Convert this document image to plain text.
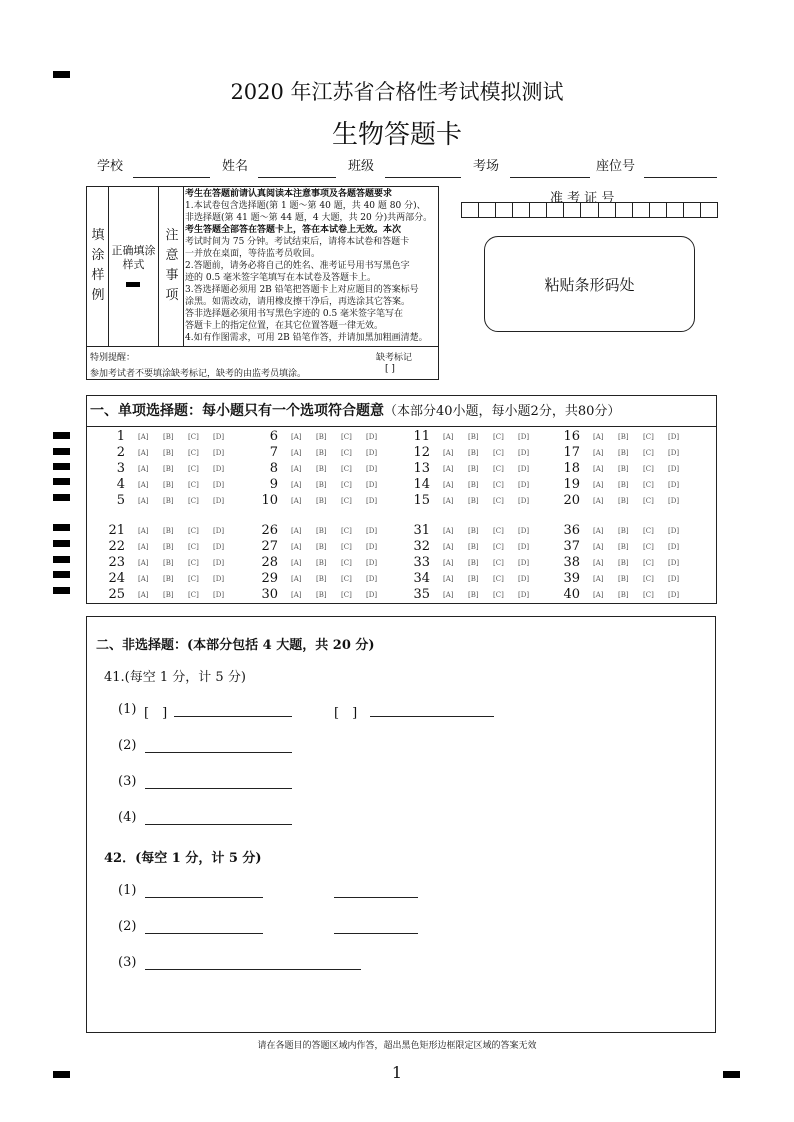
2020 年江苏省合格性考试模拟测试
生物答题卡
学校	姓名	班级	考场	座位号
填
涂
样
例
正确填涂样式
注
意
事
项
考生在答题前请认真阅读本注意事项及各题答题要求
1.本试卷包含选择题(第 1 题～第 40 题，共 40 题 80 分)、
非选择题(第 41 题～第 44 题，4 大题，共 20 分)共两部分。
考生答题全部答在答题卡上，答在本试卷上无效。本次
考试时间为 75 分钟。考试结束后，请将本试卷和答题卡
一并放在桌面，等待监考员收回。
2.答题前，请务必将自己的姓名、准考证号用书写黑色字
迹的 0.5 毫米签字笔填写在本试卷及答题卡上。
3.答选择题必须用 2B 铅笔把答题卡上对应题目的答案标号
涂黑。如需改动，请用橡皮擦干净后，再选涂其它答案。
答非选择题必须用书写黑色字迹的 0.5 毫米签字笔写在
答题卡上的指定位置，在其它位置答题一律无效。
4.如有作图需求，可用 2B 铅笔作答，并请加黑加粗画清楚。
特别提醒：
参加考试者不要填涂缺考标记，缺考的由监考员填涂。
缺考标记
[ ]
准 考 证 号
粘贴条形码处
一、单项选择题：每小题只有一个选项符合题意（本部分40小题，每小题2分，共80分）
1 [A] [B] [C] [D]	6 [A] [B] [C] [D]	11 [A] [B] [C] [D]	16 [A] [B] [C] [D]
2 [A] [B] [C] [D]	7 [A] [B] [C] [D]	12 [A] [B] [C] [D]	17 [A] [B] [C] [D]
3 [A] [B] [C] [D]	8 [A] [B] [C] [D]	13 [A] [B] [C] [D]	18 [A] [B] [C] [D]
4 [A] [B] [C] [D]	9 [A] [B] [C] [D]	14 [A] [B] [C] [D]	19 [A] [B] [C] [D]
5 [A] [B] [C] [D]	10 [A] [B] [C] [D]	15 [A] [B] [C] [D]	20 [A] [B] [C] [D]
21 [A] [B] [C] [D]	26 [A] [B] [C] [D]	31 [A] [B] [C] [D]	36 [A] [B] [C] [D]
22 [A] [B] [C] [D]	27 [A] [B] [C] [D]	32 [A] [B] [C] [D]	37 [A] [B] [C] [D]
23 [A] [B] [C] [D]	28 [A] [B] [C] [D]	33 [A] [B] [C] [D]	38 [A] [B] [C] [D]
24 [A] [B] [C] [D]	29 [A] [B] [C] [D]	34 [A] [B] [C] [D]	39 [A] [B] [C] [D]
25 [A] [B] [C] [D]	30 [A] [B] [C] [D]	35 [A] [B] [C] [D]	40 [A] [B] [C] [D]
二、非选择题：(本部分包括 4 大题，共 20 分)
41.(每空 1 分，计 5 分)
(1) [　]	[　]
(2)
(3)
(4)
42．(每空 1 分，计 5 分)
(1)
(2)
(3)
请在各题目的答题区域内作答，超出黑色矩形边框限定区域的答案无效
1
